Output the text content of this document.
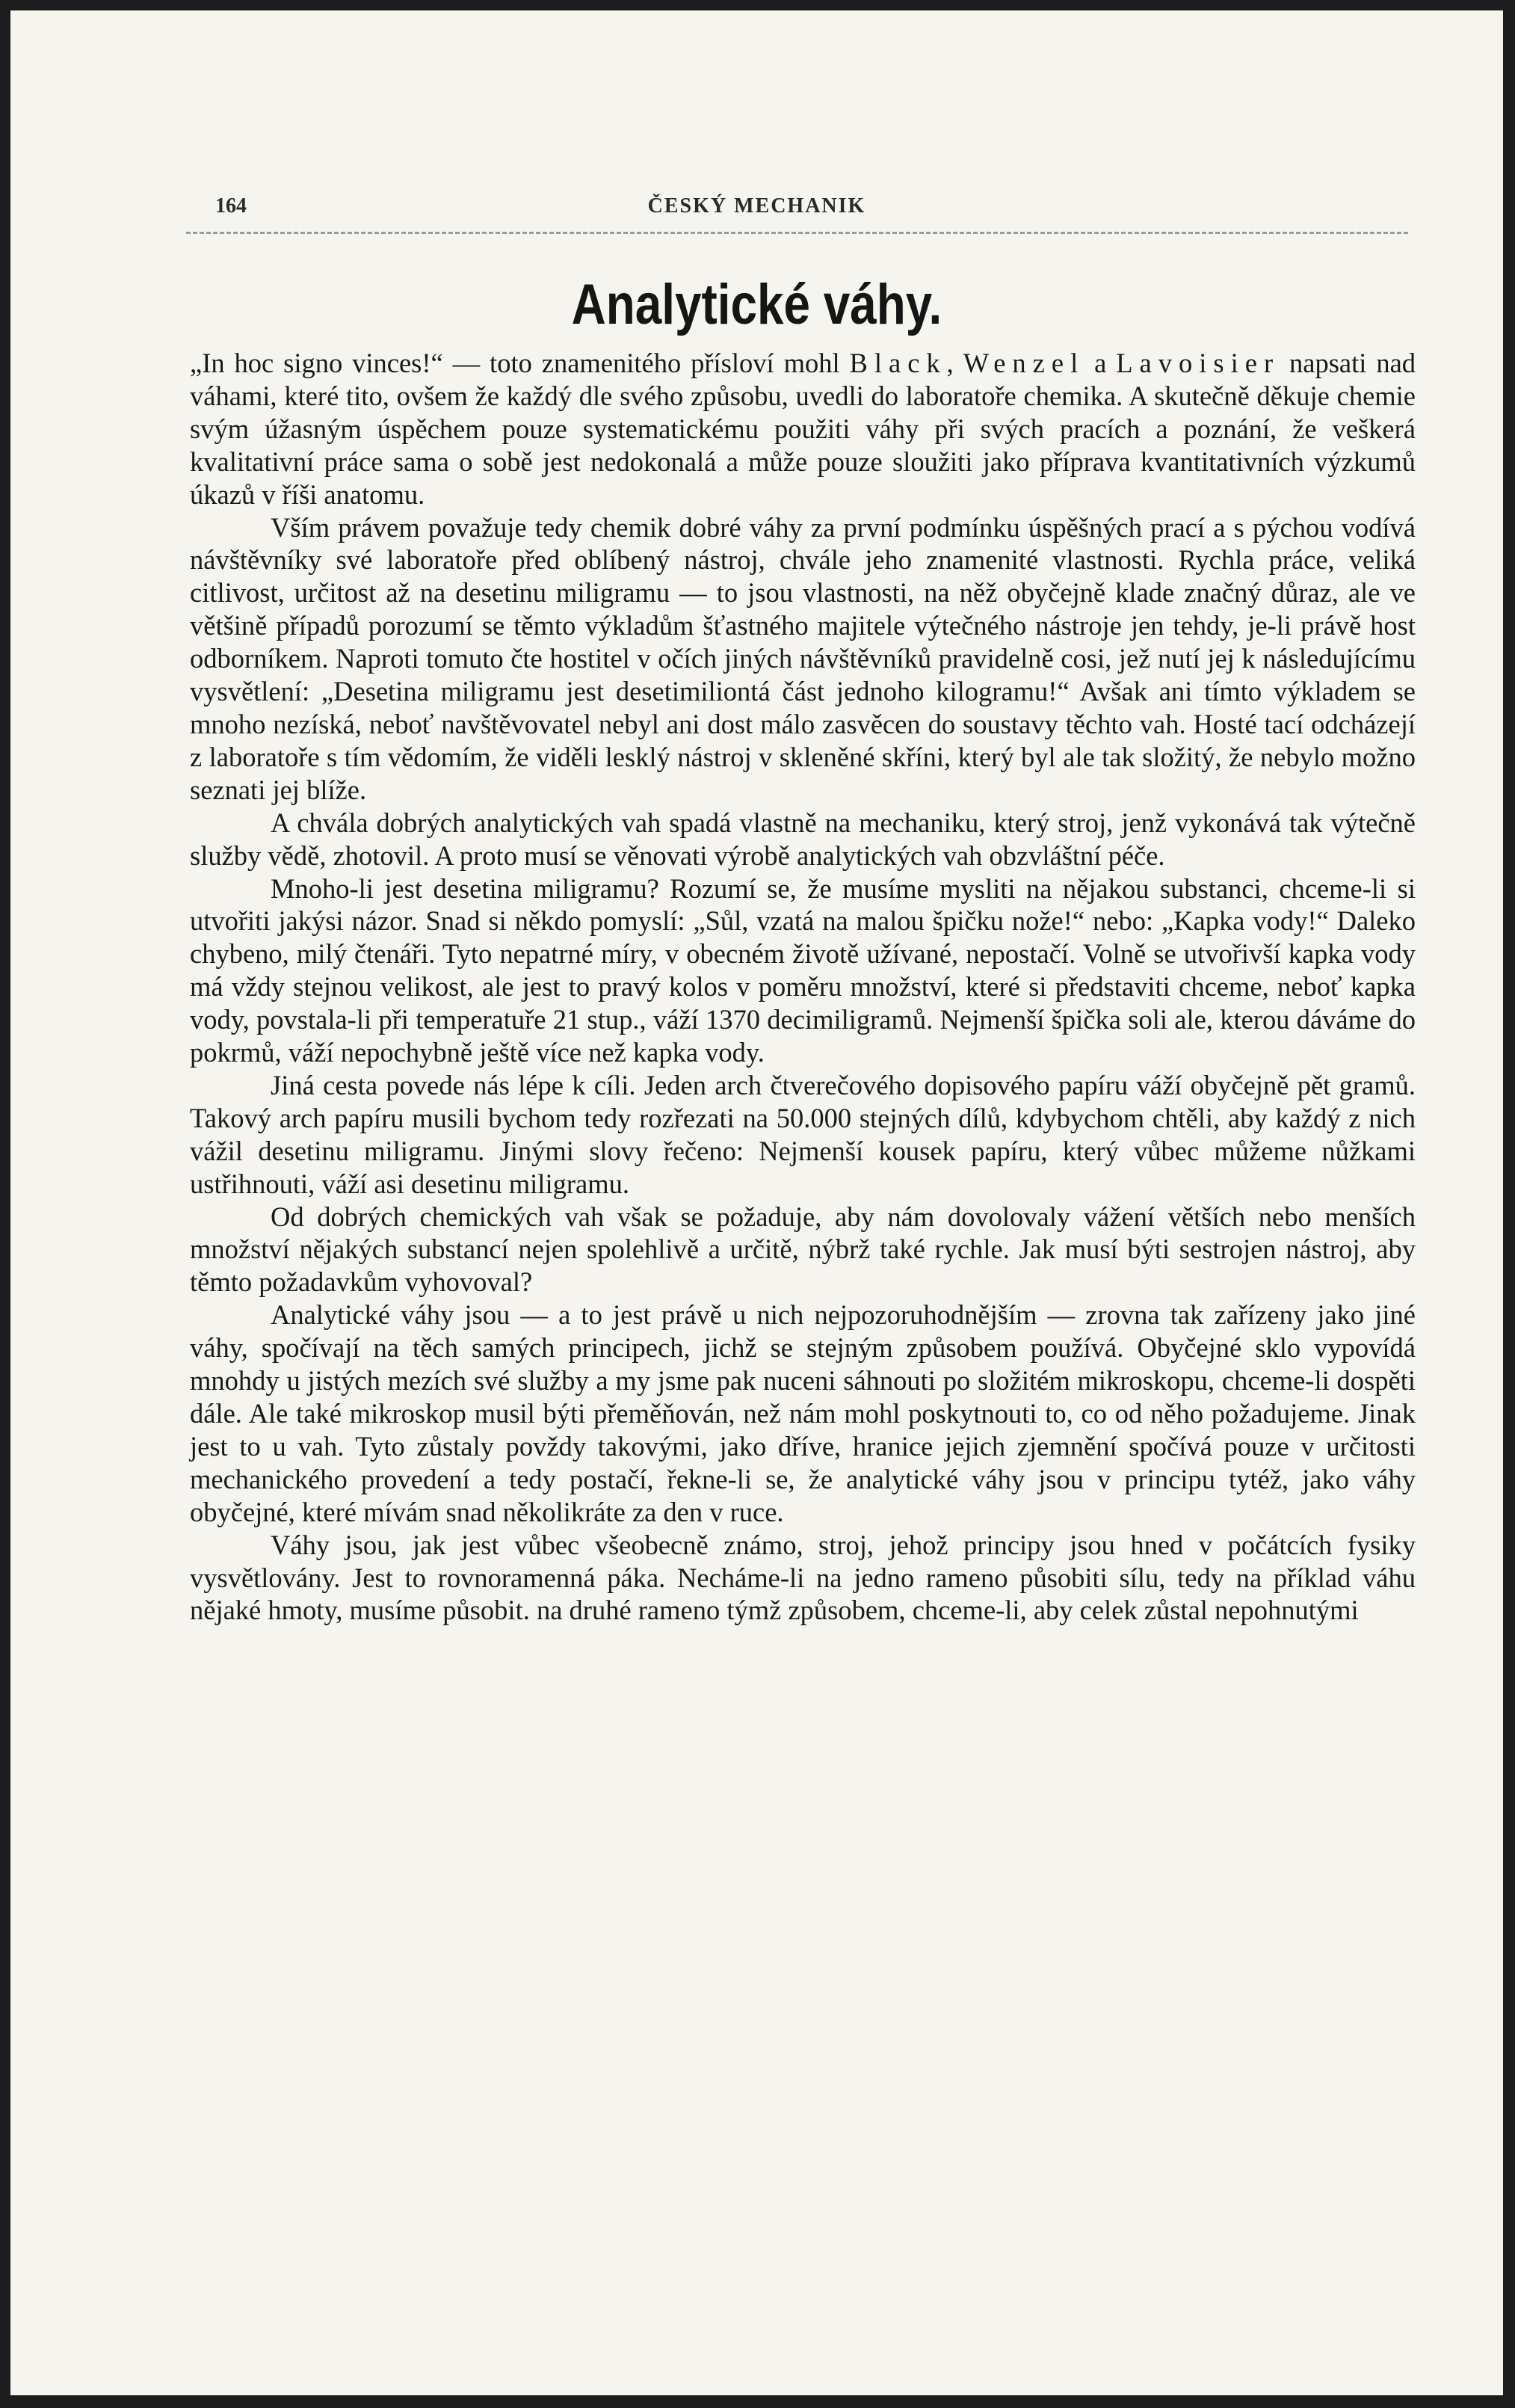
164	ČESKÝ MECHANIK
Analytické váhy.

„In hoc signo vinces!“ — toto znamenitého přísloví mohl Black, Wenzel a Lavoisier napsati nad váhami, které tito, ovšem že každý dle svého způsobu, uvedli do laboratoře chemika. A skutečně děkuje chemie svým úžasným úspěchem pouze systematickému použiti váhy při svých pracích a poznání, že veškerá kvalitativní práce sama o sobě jest nedokonalá a může pouze sloužiti jako příprava kvantitativních výzkumů úkazů v říši anatomu.

Vším právem považuje tedy chemik dobré váhy za první podmínku úspěšných prací a s pýchou vodívá návštěvníky své laboratoře před oblíbený nástroj, chvále jeho znamenité vlastnosti. Rychla práce, veliká citlivost, určitost až na desetinu miligramu — to jsou vlastnosti, na něž obyčejně klade značný důraz, ale ve většině případů porozumí se těmto výkladům šťastného majitele výtečného nástroje jen tehdy, je-li právě host odborníkem. Naproti tomuto čte hostitel v očích jiných návštěvníků pravidelně cosi, jež nutí jej k následujícímu vysvětlení: „Desetina miligramu jest desetimiliontá část jednoho kilogramu!“ Avšak ani tímto výkladem se mnoho nezíská, neboť navštěvovatel nebyl ani dost málo zasvěcen do soustavy těchto vah. Hosté tací odcházejí z laboratoře s tím vědomím, že viděli lesklý nástroj v skleněné skříni, který byl ale tak složitý, že nebylo možno seznati jej blíže.

A chvála dobrých analytických vah spadá vlastně na mechaniku, který stroj, jenž vykonává tak výtečně služby vědě, zhotovil. A proto musí se věnovati výrobě analytických vah obzvláštní péče.

Mnoho-li jest desetina miligramu? Rozumí se, že musíme mysliti na nějakou substanci, chceme-li si utvořiti jakýsi názor. Snad si někdo pomyslí: „Sůl, vzatá na malou špičku nože!“ nebo: „Kapka vody!“ Daleko chybeno, milý čtenáři. Tyto nepatrné míry, v obecném životě užívané, nepostačí. Volně se utvořivší kapka vody má vždy stejnou velikost, ale jest to pravý kolos v poměru množství, které si představiti chceme, neboť kapka vody, povstala-li při temperatuře 21 stup., váží 1370 decimiligramů. Nejmenší špička soli ale, kterou dáváme do pokrmů, váží nepochybně ještě více než kapka vody.

Jiná cesta povede nás lépe k cíli. Jeden arch čtverečového dopisového papíru váží obyčejně pět gramů. Takový arch papíru musili bychom tedy rozřezati na 50.000 stejných dílů, kdybychom chtěli, aby každý z nich vážil desetinu miligramu. Jinými slovy řečeno: Nejmenší kousek papíru, který vůbec můžeme nůžkami ustřihnouti, váží asi desetinu miligramu.

Od dobrých chemických vah však se požaduje, aby nám dovolovaly vážení větších nebo menších množství nějakých substancí nejen spolehlivě a určitě, nýbrž také rychle. Jak musí býti sestrojen nástroj, aby těmto požadavkům vyhovoval?

Analytické váhy jsou — a to jest právě u nich nejpozoruhodnějším — zrovna tak zařízeny jako jiné váhy, spočívají na těch samých principech, jichž se stejným způsobem používá. Obyčejné sklo vypovídá mnohdy u jistých mezích své služby a my jsme pak nuceni sáhnouti po složitém mikroskopu, chceme-li dospěti dále. Ale také mikroskop musil býti přeměňován, než nám mohl poskytnouti to, co od něho požadujeme. Jinak jest to u vah. Tyto zůstaly povždy takovými, jako dříve, hranice jejich zjemnění spočívá pouze v určitosti mechanického provedení a tedy postačí, řekne-li se, že analytické váhy jsou v principu tytéž, jako váhy obyčejné, které mívám snad několikráte za den v ruce.

Váhy jsou, jak jest vůbec všeobecně známo, stroj, jehož principy jsou hned v počátcích fysiky vysvětlovány. Jest to rovnoramenná páka. Necháme-li na jedno rameno působiti sílu, tedy na příklad váhu nějaké hmoty, musíme působit. na druhé rameno týmž způsobem, chceme-li, aby celek zůstal nepohnutými
